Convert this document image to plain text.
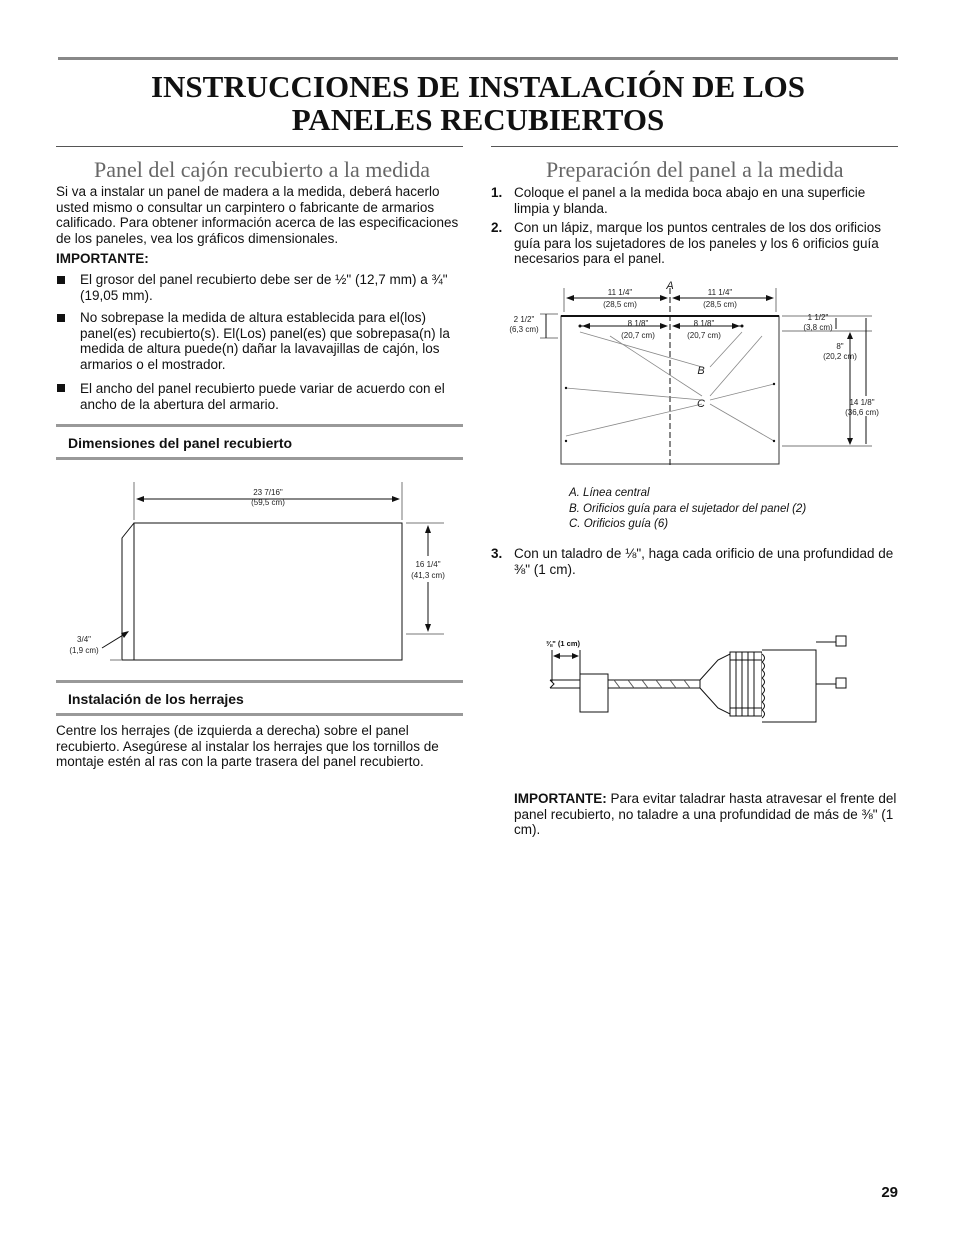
INSTRUCCIONES DE INSTALACIÓN DE LOS
PANELES RECUBIERTOS
Panel del cajón recubierto a la medida
Si va a instalar un panel de madera a la medida, deberá hacerlo usted mismo o consultar un carpintero o fabricante de armarios calificado. Para obtener información acerca de las especificaciones de los paneles, vea los gráficos dimensionales.
IMPORTANTE:
El grosor del panel recubierto debe ser de ½" (12,7 mm) a ¾" (19,05 mm).
No sobrepase la medida de altura establecida para el(los) panel(es) recubierto(s). El(Los) panel(es) que sobrepasa(n) la medida de altura puede(n) dañar la lavavajillas de cajón, los armarios o el mostrador.
El ancho del panel recubierto puede variar de acuerdo con el ancho de la abertura del armario.
Dimensiones del panel recubierto
23 7/16"
(59,5 cm)
16 1/4"
(41,3 cm)
3/4"
(1,9 cm)
Instalación de los herrajes
Centre los herrajes (de izquierda a derecha) sobre el panel recubierto. Asegúrese al instalar los herrajes que los tornillos de montaje estén al ras con la parte trasera del panel recubierto.
Preparación del panel a la medida
1. Coloque el panel a la medida boca abajo en una superficie limpia y blanda.
2. Con un lápiz, marque los puntos centrales de los dos orificios guía para los sujetadores de los paneles y los 6 orificios guía necesarios para el panel.
A
B
C
11 1/4"
(28,5 cm)
11 1/4"
(28,5 cm)
8 1/8"
(20,7 cm)
8 1/8"
(20,7 cm)
2 1/2"
(6,3 cm)
1 1/2"
(3,8 cm)
8"
(20,2 cm)
14 1/8"
(36,6 cm)
A. Línea central
B. Orificios guía para el sujetador del panel (2)
C. Orificios guía (6)
3. Con un taladro de ⅛", haga cada orificio de una profundidad de ⅜" (1 cm).
⅜" (1 cm)
IMPORTANTE: Para evitar taladrar hasta atravesar el frente del panel recubierto, no taladre a una profundidad de más de ⅜" (1 cm).
29
